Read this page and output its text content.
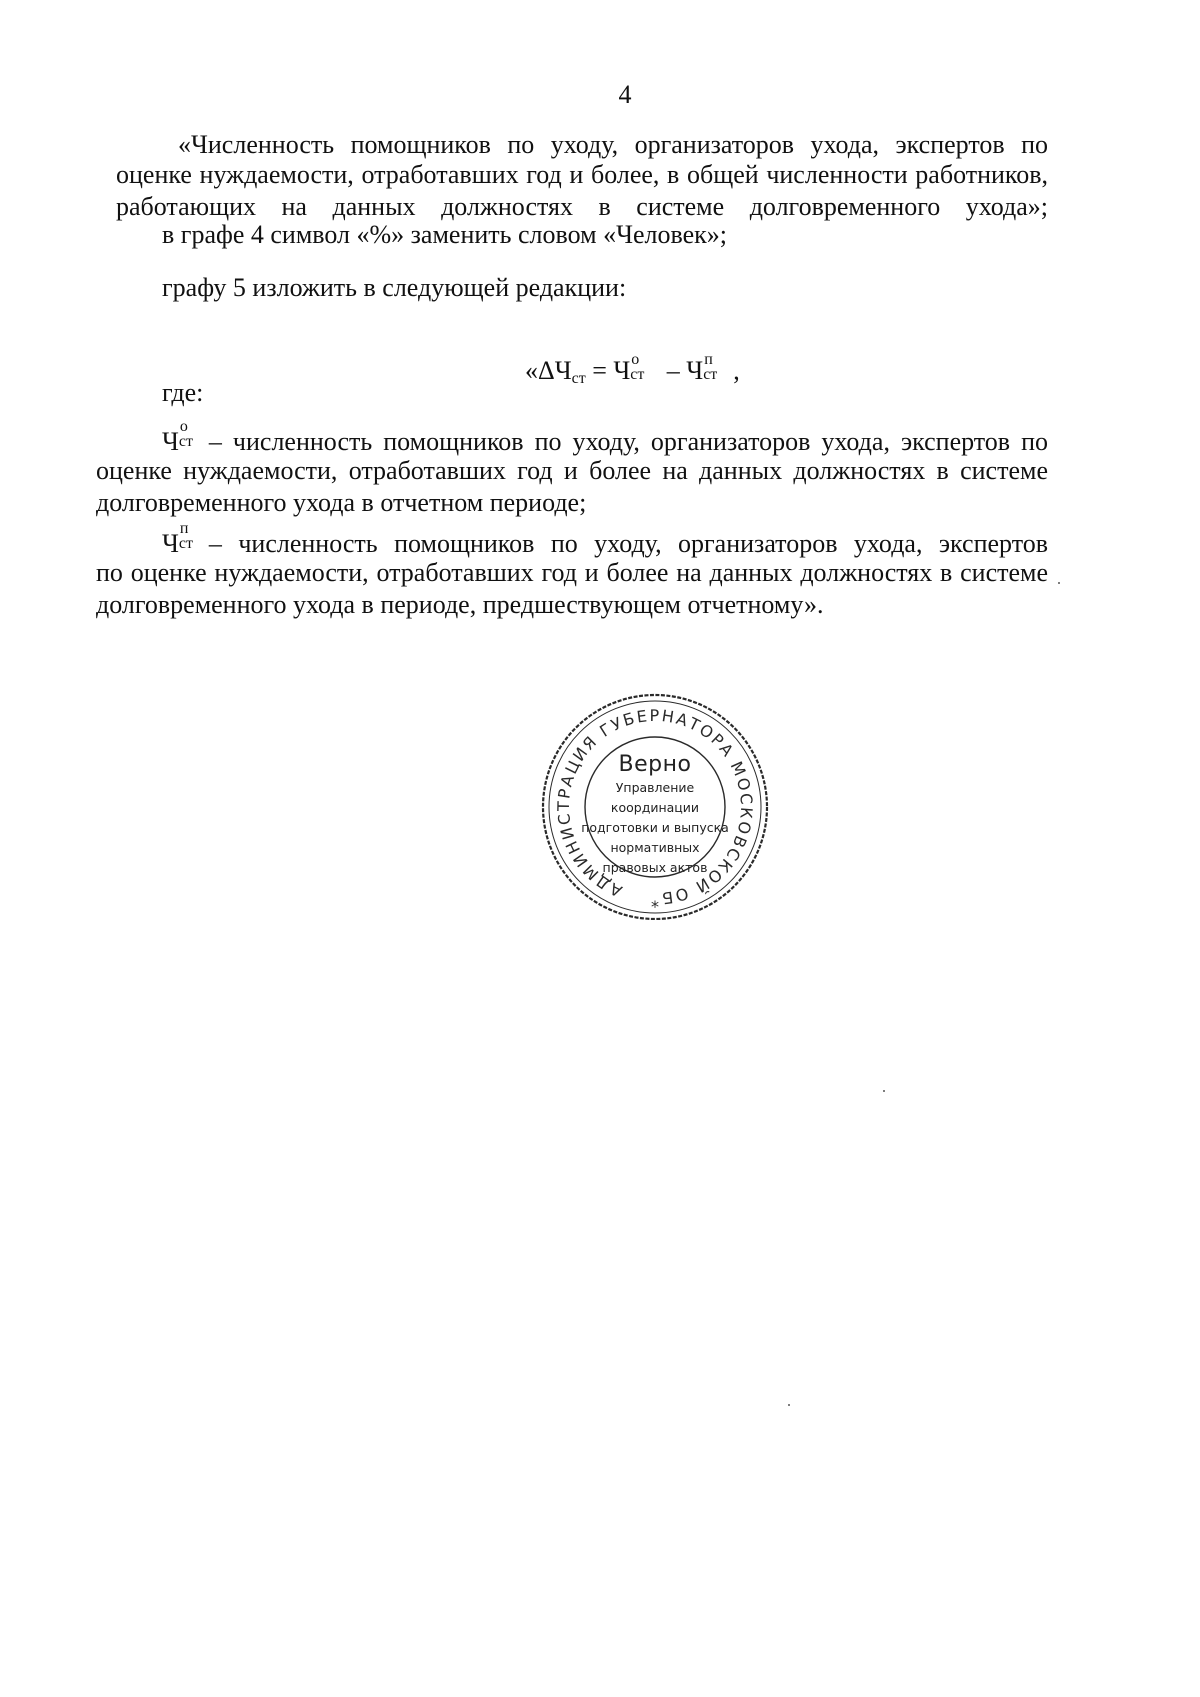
4
«Численность помощников по уходу, организаторов ухода, экспертов по
оценке нуждаемости, отработавших год и более, в общей численности работников,
работающих на данных должностях в системе долговременного ухода»;
в графе 4 символ «%» заменить словом «Человек»;
графу 5 изложить в следующей редакции:
«$\Delta Ч_{ст} = Ч$ о
ст – Ч п
ст ,
где:
Ч
о
ст – численность помощников по уходу, организаторов ухода, экспертов по
оценке нуждаемости, отработавших год и более на данных должностях в системе
долговременного ухода в отчетном периоде;
Ч
п
ст – численность помощников по уходу, организаторов ухода, экспертов
по оценке нуждаемости, отработавших год и более на данных должностях в системе
долговременного ухода в периоде, предшествующем отчетному».
АДМИНИСТРАЦИЯ ГУБЕРНАТОРА МОСКОВСКОЙ ОБ
*
Верно
Управление
координации
подготовки и выпуска
нормативных
правовых актов
